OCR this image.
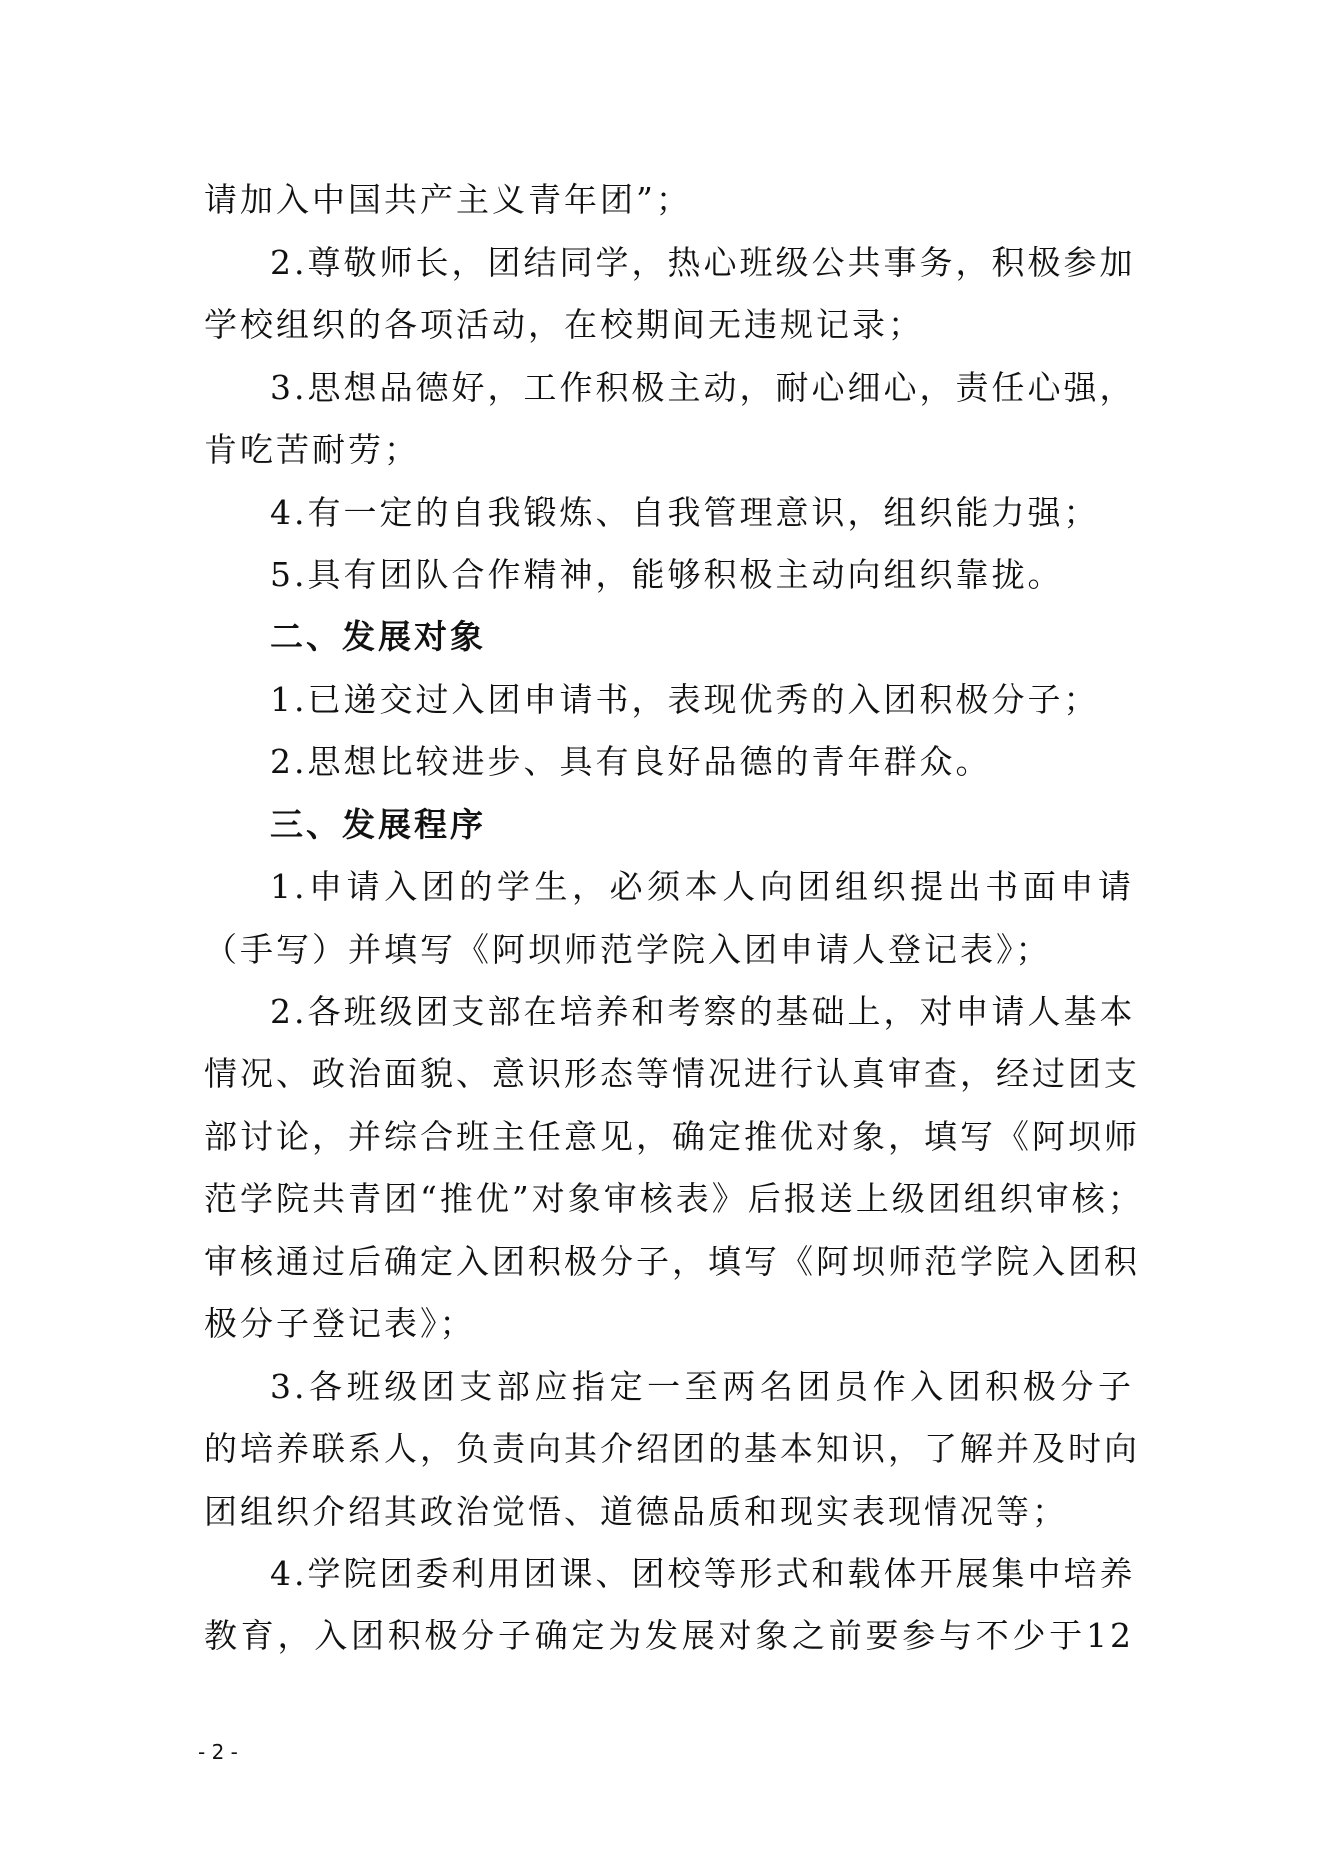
请加入中国共产主义青年团”；
2.尊敬师长，团结同学，热心班级公共事务，积极参加
学校组织的各项活动，在校期间无违规记录；
3.思想品德好，工作积极主动，耐心细心，责任心强，
肯吃苦耐劳；
4.有一定的自我锻炼、自我管理意识，组织能力强；
5.具有团队合作精神，能够积极主动向组织靠拢。
二、发展对象
1.已递交过入团申请书，表现优秀的入团积极分子；
2.思想比较进步、具有良好品德的青年群众。
三、发展程序
1.申请入团的学生，必须本人向团组织提出书面申请
（手写）并填写《阿坝师范学院入团申请人登记表》；
2.各班级团支部在培养和考察的基础上，对申请人基本
情况、政治面貌、意识形态等情况进行认真审查，经过团支
部讨论，并综合班主任意见，确定推优对象，填写《阿坝师
范学院共青团“推优”对象审核表》后报送上级团组织审核；
审核通过后确定入团积极分子，填写《阿坝师范学院入团积
极分子登记表》；
3.各班级团支部应指定一至两名团员作入团积极分子
的培养联系人，负责向其介绍团的基本知识，了解并及时向
团组织介绍其政治觉悟、道德品质和现实表现情况等；
4.学院团委利用团课、团校等形式和载体开展集中培养
教育，入团积极分子确定为发展对象之前要参与不少于12
- 2 -
